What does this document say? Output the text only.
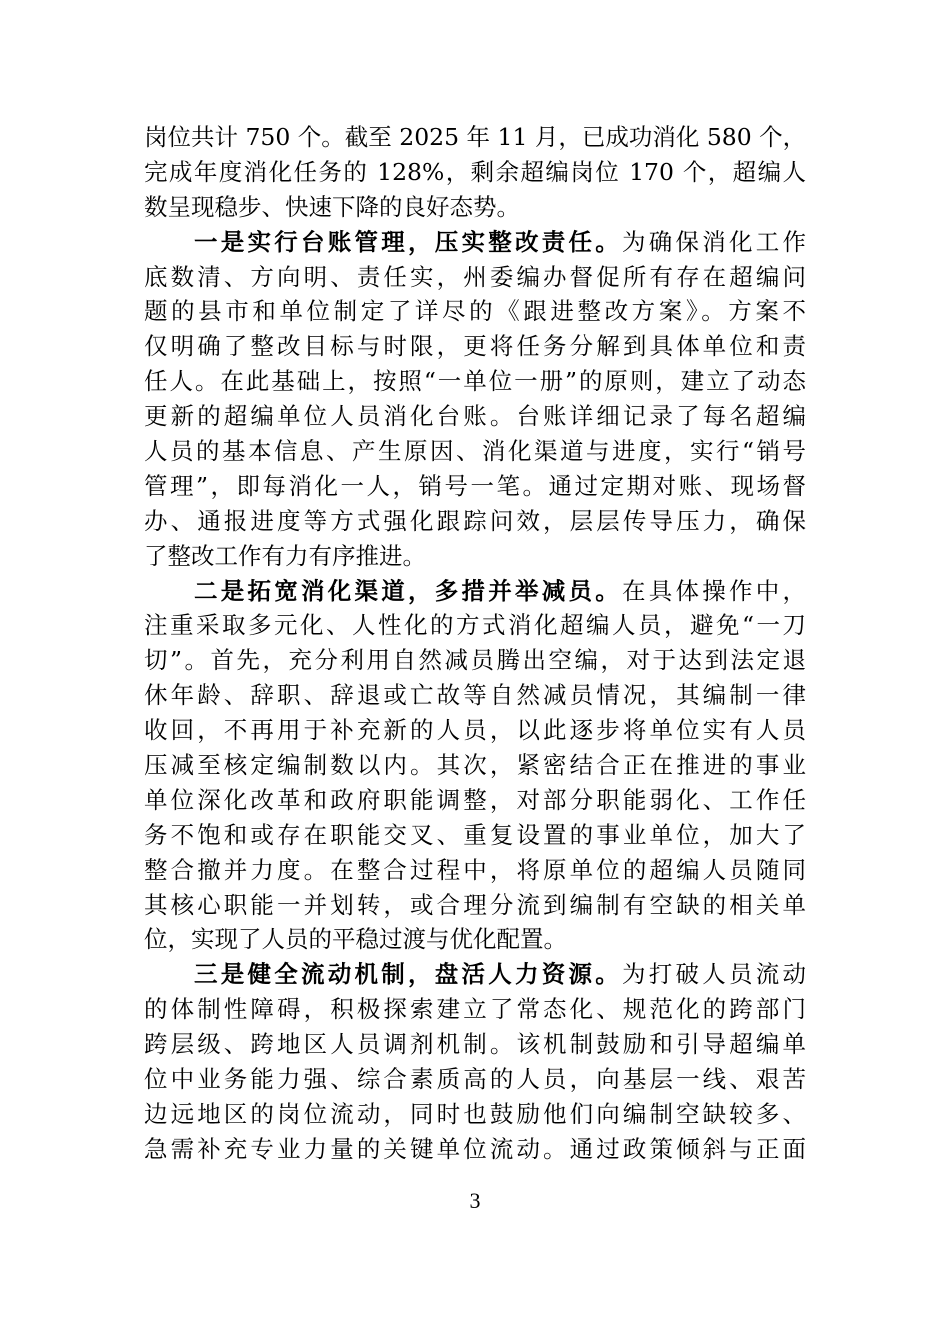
岗位共计 750 个。截至 2025 年 11 月，已成功消化 580 个，
完成年度消化任务的 128%，剩余超编岗位 170 个，超编人
数呈现稳步、快速下降的良好态势。
一是实行台账管理，压实整改责任。为确保消化工作
底数清、方向明、责任实，州委编办督促所有存在超编问
题的县市和单位制定了详尽的《跟进整改方案》。方案不
仅明确了整改目标与时限，更将任务分解到具体单位和责
任人。在此基础上，按照“一单位一册”的原则，建立了动态
更新的超编单位人员消化台账。台账详细记录了每名超编
人员的基本信息、产生原因、消化渠道与进度，实行“销号
管理”，即每消化一人，销号一笔。通过定期对账、现场督
办、通报进度等方式强化跟踪问效，层层传导压力，确保
了整改工作有力有序推进。
二是拓宽消化渠道，多措并举减员。在具体操作中，
注重采取多元化、人性化的方式消化超编人员，避免“一刀
切”。首先，充分利用自然减员腾出空编，对于达到法定退
休年龄、辞职、辞退或亡故等自然减员情况，其编制一律
收回，不再用于补充新的人员，以此逐步将单位实有人员
压减至核定编制数以内。其次，紧密结合正在推进的事业
单位深化改革和政府职能调整，对部分职能弱化、工作任
务不饱和或存在职能交叉、重复设置的事业单位，加大了
整合撤并力度。在整合过程中，将原单位的超编人员随同
其核心职能一并划转，或合理分流到编制有空缺的相关单
位，实现了人员的平稳过渡与优化配置。
三是健全流动机制，盘活人力资源。为打破人员流动
的体制性障碍，积极探索建立了常态化、规范化的跨部门
跨层级、跨地区人员调剂机制。该机制鼓励和引导超编单
位中业务能力强、综合素质高的人员，向基层一线、艰苦
边远地区的岗位流动，同时也鼓励他们向编制空缺较多、
急需补充专业力量的关键单位流动。通过政策倾斜与正面
3
